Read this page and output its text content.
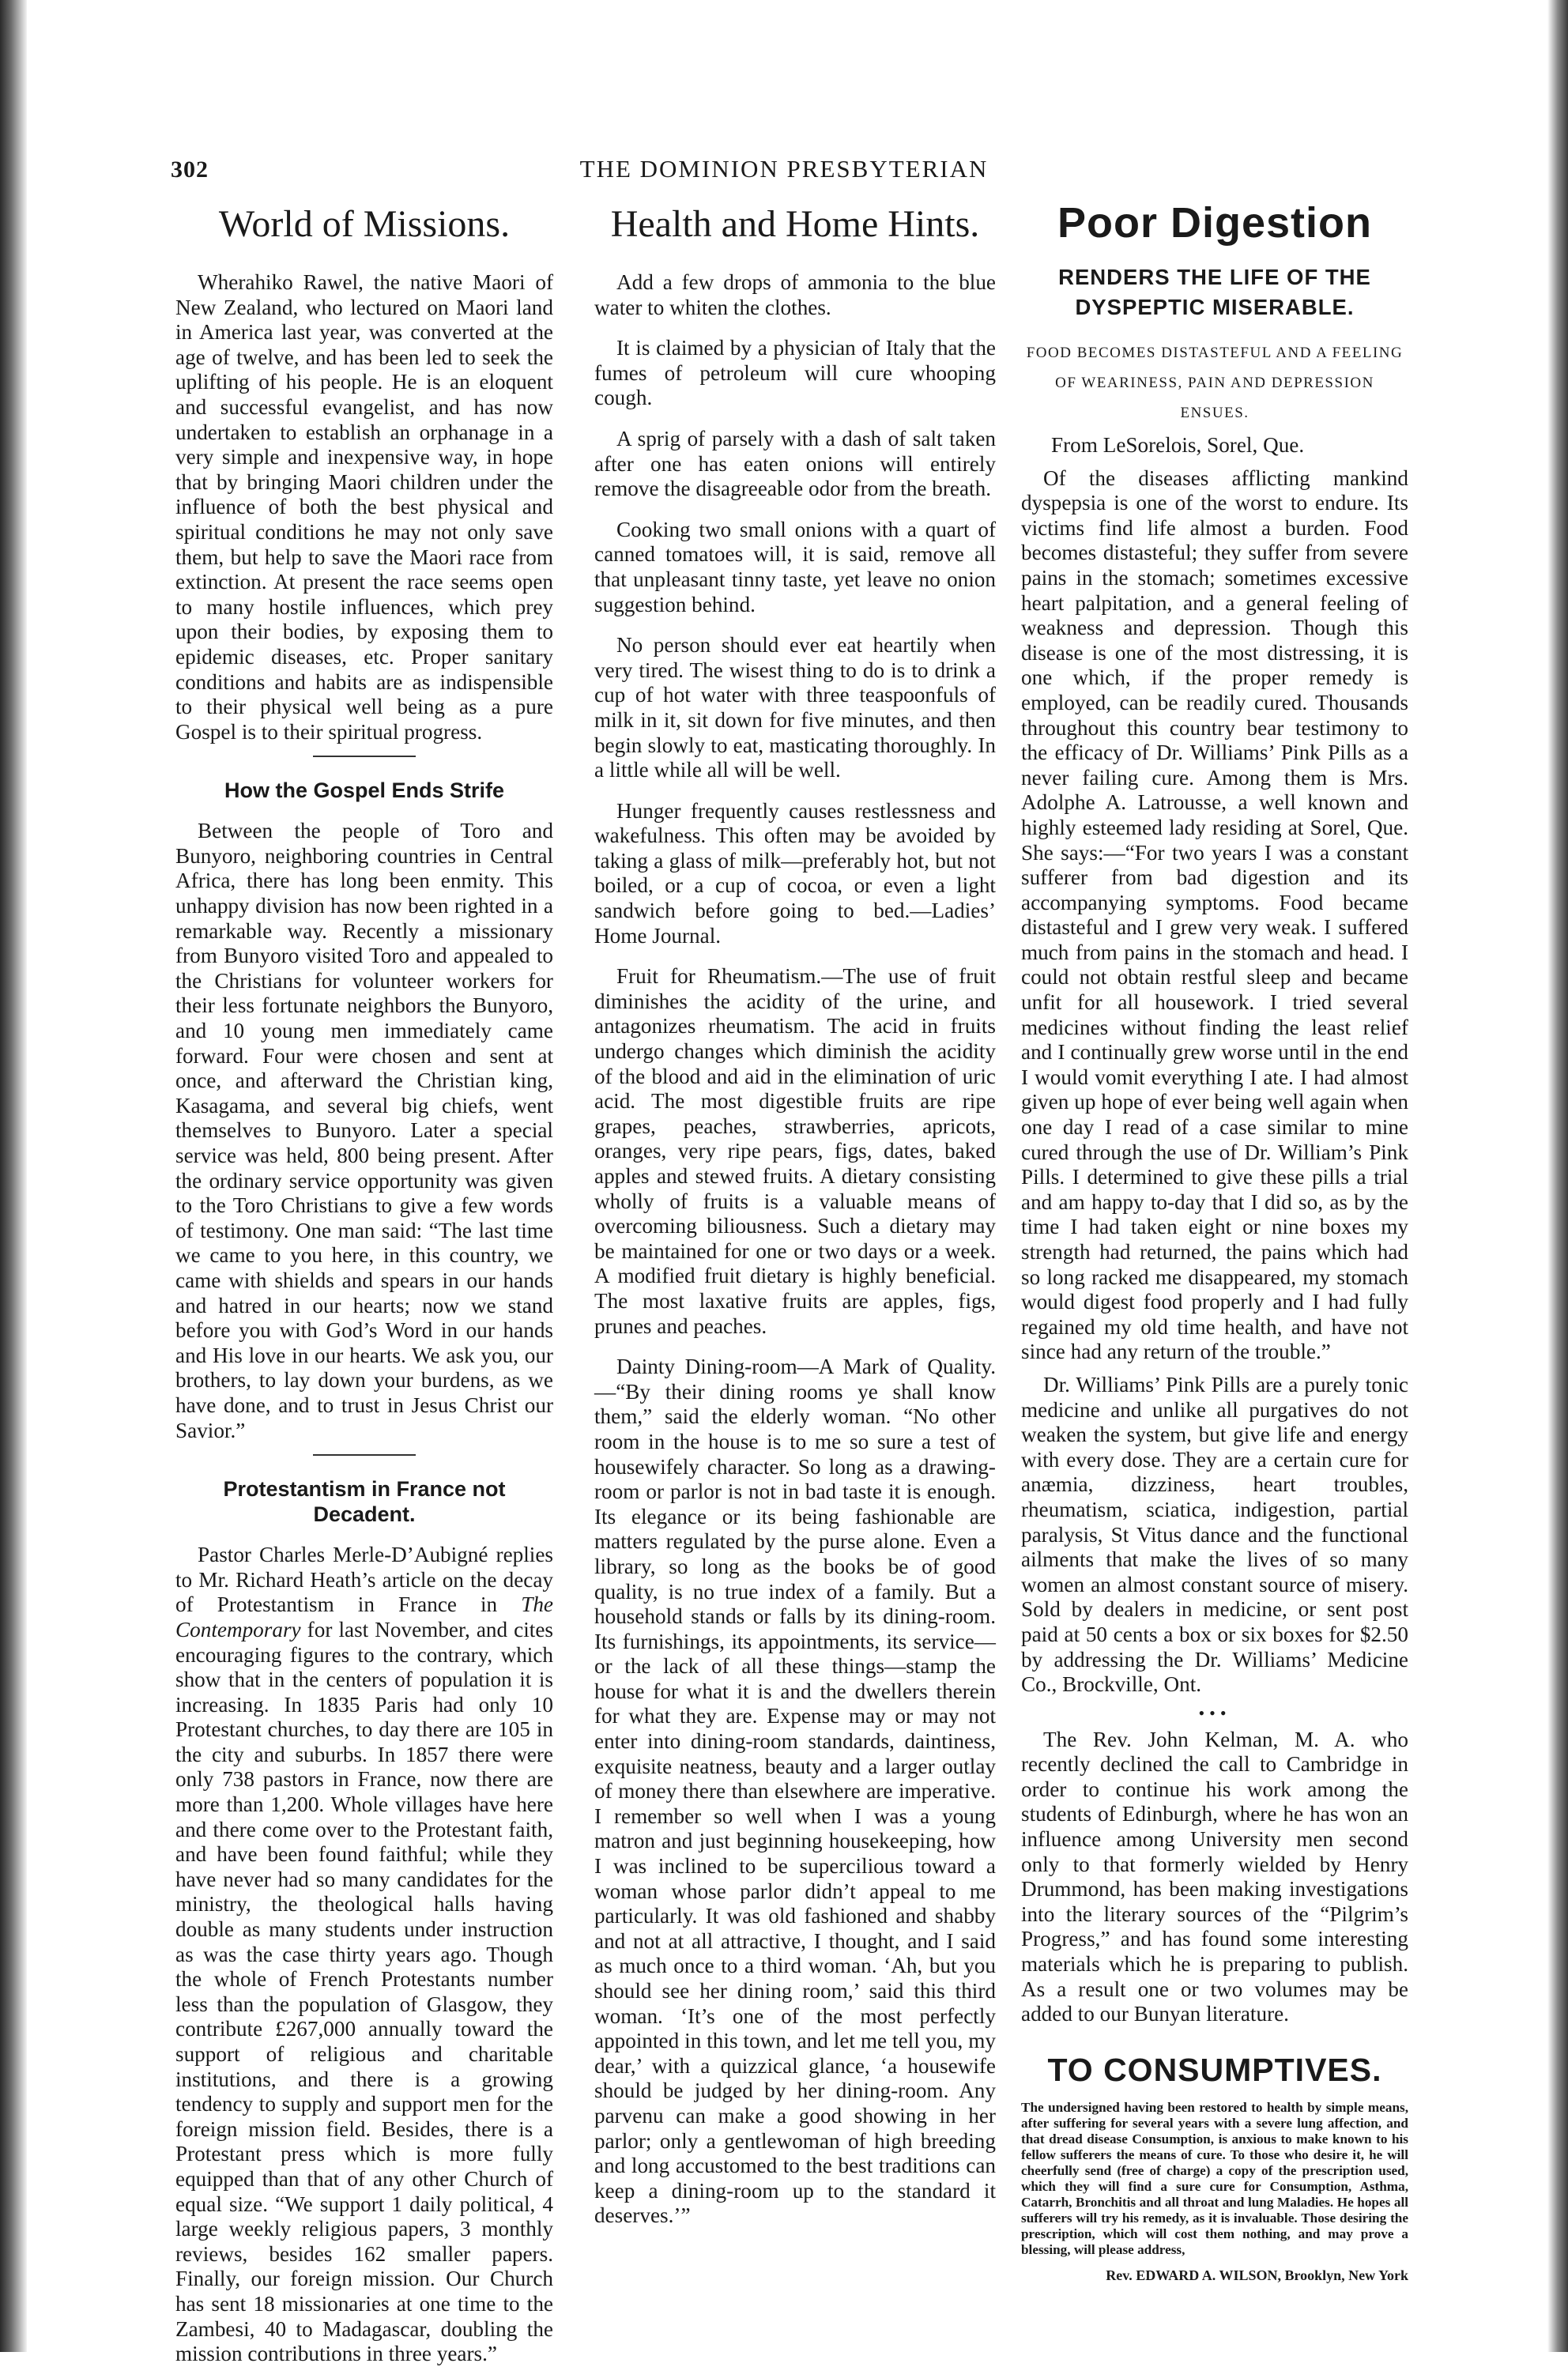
302	THE DOMINION PRESBYTERIAN
World of Missions.

Wherahiko Rawel, the native Maori of New Zealand, who lectured on Maori land in America last year, was converted at the age of twelve, and has been led to seek the uplifting of his people. He is an eloquent and successful evangelist, and has now undertaken to establish an orphanage in a very simple and inexpensive way, in hope that by bringing Maori children under the influence of both the best physical and spiritual conditions he may not only save them, but help to save the Maori race from extinction. At present the race seems open to many hostile influences, which prey upon their bodies, by exposing them to epidemic diseases, etc. Proper sanitary conditions and habits are as indispensible to their physical well being as a pure Gospel is to their spiritual progress.

How the Gospel Ends Strife

Between the people of Toro and Bunyoro, neighboring countries in Central Africa, there has long been enmity. This unhappy division has now been righted in a remarkable way. Recently a missionary from Bunyoro visited Toro and appealed to the Christians for volunteer workers for their less fortunate neighbors the Bunyoro, and 10 young men immediately came forward. Four were chosen and sent at once, and afterward the Christian king, Kasagama, and several big chiefs, went themselves to Bunyoro. Later a special service was held, 800 being present. After the ordinary service opportunity was given to the Toro Christians to give a few words of testimony. One man said: “The last time we came to you here, in this country, we came with shields and spears in our hands and hatred in our hearts; now we stand before you with God’s Word in our hands and His love in our hearts. We ask you, our brothers, to lay down your burdens, as we have done, and to trust in Jesus Christ our Savior.”

Protestantism in France not Decadent.

Pastor Charles Merle-D’Aubigné replies to Mr. Richard Heath’s article on the decay of Protestantism in France in The Contemporary for last November, and cites encouraging figures to the contrary, which show that in the centers of population it is increasing. In 1835 Paris had only 10 Protestant churches, to day there are 105 in the city and suburbs. In 1857 there were only 738 pastors in France, now there are more than 1,200. Whole villages have here and there come over to the Protestant faith, and have been found faithful; while they have never had so many candidates for the ministry, the theological halls having double as many students under instruction as was the case thirty years ago. Though the whole of French Protestants number less than the population of Glasgow, they contribute £267,000 annually toward the support of religious and charitable institutions, and there is a growing tendency to supply and support men for the foreign mission field. Besides, there is a Protestant press which is more fully equipped than that of any other Church of equal size. “We support 1 daily political, 4 large weekly religious papers, 3 monthly reviews, besides 162 smaller papers. Finally, our foreign mission. Our Church has sent 18 missionaries at one time to the Zambesi, 40 to Madagascar, doubling the mission contributions in three years.”

Health and Home Hints.

Add a few drops of ammonia to the blue water to whiten the clothes.

It is claimed by a physician of Italy that the fumes of petroleum will cure whooping cough.

A sprig of parsely with a dash of salt taken after one has eaten onions will entirely remove the disagreeable odor from the breath.

Cooking two small onions with a quart of canned tomatoes will, it is said, remove all that unpleasant tinny taste, yet leave no onion suggestion behind.

No person should ever eat heartily when very tired. The wisest thing to do is to drink a cup of hot water with three teaspoonfuls of milk in it, sit down for five minutes, and then begin slowly to eat, masticating thoroughly. In a little while all will be well.

Hunger frequently causes restlessness and wakefulness. This often may be avoided by taking a glass of milk—preferably hot, but not boiled, or a cup of cocoa, or even a light sandwich before going to bed.—Ladies’ Home Journal.

Fruit for Rheumatism.—The use of fruit diminishes the acidity of the urine, and antagonizes rheumatism. The acid in fruits undergo changes which diminish the acidity of the blood and aid in the elimination of uric acid. The most digestible fruits are ripe grapes, peaches, strawberries, apricots, oranges, very ripe pears, figs, dates, baked apples and stewed fruits. A dietary consisting wholly of fruits is a valuable means of overcoming biliousness. Such a dietary may be maintained for one or two days or a week. A modified fruit dietary is highly beneficial. The most laxative fruits are apples, figs, prunes and peaches.

Dainty Dining-room—A Mark of Quality. —“By their dining rooms ye shall know them,” said the elderly woman. “No other room in the house is to me so sure a test of housewifely character. So long as a drawing-room or parlor is not in bad taste it is enough. Its elegance or its being fashionable are matters regulated by the purse alone. Even a library, so long as the books be of good quality, is no true index of a family. But a household stands or falls by its dining-room. Its furnishings, its appointments, its service—or the lack of all these things—stamp the house for what it is and the dwellers therein for what they are. Expense may or may not enter into dining-room standards, daintiness, exquisite neatness, beauty and a larger outlay of money there than elsewhere are imperative. I remember so well when I was a young matron and just beginning housekeeping, how I was inclined to be supercilious toward a woman whose parlor didn’t appeal to me particularly. It was old fashioned and shabby and not at all attractive, I thought, and I said as much once to a third woman. ‘Ah, but you should see her dining room,’ said this third woman. ‘It’s one of the most perfectly appointed in this town, and let me tell you, my dear,’ with a quizzical glance, ‘a housewife should be judged by her dining-room. Any parvenu can make a good showing in her parlor; only a gentlewoman of high breeding and long accustomed to the best traditions can keep a dining-room up to the standard it deserves.’”

Poor Digestion
RENDERS THE LIFE OF THE DYSPEPTIC MISERABLE.
FOOD BECOMES DISTASTEFUL AND A FEELING OF WEARINESS, PAIN AND DEPRESSION ENSUES.

From LeSorelois, Sorel, Que.

Of the diseases afflicting mankind dyspepsia is one of the worst to endure. Its victims find life almost a burden. Food becomes distasteful; they suffer from severe pains in the stomach; sometimes excessive heart palpitation, and a general feeling of weakness and depression. Though this disease is one of the most distressing, it is one which, if the proper remedy is employed, can be readily cured. Thousands throughout this country bear testimony to the efficacy of Dr. Williams’ Pink Pills as a never failing cure. Among them is Mrs. Adolphe A. Latrousse, a well known and highly esteemed lady residing at Sorel, Que. She says:—“For two years I was a constant sufferer from bad digestion and its accompanying symptoms. Food became distasteful and I grew very weak. I suffered much from pains in the stomach and head. I could not obtain restful sleep and became unfit for all housework. I tried several medicines without finding the least relief and I continually grew worse until in the end I would vomit everything I ate. I had almost given up hope of ever being well again when one day I read of a case similar to mine cured through the use of Dr. William’s Pink Pills. I determined to give these pills a trial and am happy to-day that I did so, as by the time I had taken eight or nine boxes my strength had returned, the pains which had so long racked me disappeared, my stomach would digest food properly and I had fully regained my old time health, and have not since had any return of the trouble.”

Dr. Williams’ Pink Pills are a purely tonic medicine and unlike all purgatives do not weaken the system, but give life and energy with every dose. They are a certain cure for anæmia, dizziness, heart troubles, rheumatism, sciatica, indigestion, partial paralysis, St Vitus dance and the functional ailments that make the lives of so many women an almost constant source of misery. Sold by dealers in medicine, or sent post paid at 50 cents a box or six boxes for $2.50 by addressing the Dr. Williams’ Medicine Co., Brockville, Ont.

•••

The Rev. John Kelman, M. A. who recently declined the call to Cambridge in order to continue his work among the students of Edinburgh, where he has won an influence among University men second only to that formerly wielded by Henry Drummond, has been making investigations into the literary sources of the “Pilgrim’s Progress,” and has found some interesting materials which he is preparing to publish. As a result one or two volumes may be added to our Bunyan literature.

TO CONSUMPTIVES.

The undersigned having been restored to health by simple means, after suffering for several years with a severe lung affection, and that dread disease Consumption, is anxious to make known to his fellow sufferers the means of cure. To those who desire it, he will cheerfully send (free of charge) a copy of the prescription used, which they will find a sure cure for Consumption, Asthma, Catarrh, Bronchitis and all throat and lung Maladies. He hopes all sufferers will try his remedy, as it is invaluable. Those desiring the prescription, which will cost them nothing, and may prove a blessing, will please address,

Rev. EDWARD A. WILSON, Brooklyn, New York
